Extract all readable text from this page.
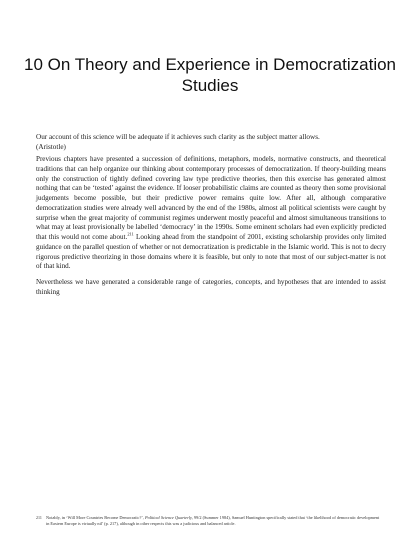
10 On Theory and Experience in Democratization Studies
Our account of this science will be adequate if it achieves such clarity as the subject matter allows.
(Aristotle)

Previous chapters have presented a succession of definitions, metaphors, models, normative constructs, and theoretical traditions that can help organize our thinking about contemporary processes of democratization. If theory-building means only the construction of tightly defined covering law type predictive theories, then this exercise has generated almost nothing that can be ‘tested’ against the evidence. If looser probabilistic claims are counted as theory then some provisional judgements become possible, but their predictive power remains quite low. After all, although comparative democratization studies were already well advanced by the end of the 1980s, almost all political scientists were caught by surprise when the great majority of communist regimes underwent mostly peaceful and almost simultaneous transitions to what may at least provisionally be labelled ‘democracy’ in the 1990s. Some eminent scholars had even explicitly predicted that this would not come about.$^{211}$ Looking ahead from the standpoint of 2001, existing scholarship provides only limited guidance on the parallel question of whether or not democratization is predictable in the Islamic world. This is not to decry rigorous predictive theorizing in those domains where it is feasible, but only to note that most of our subject-matter is not of that kind.

Nevertheless we have generated a considerable range of categories, concepts, and hypotheses that are intended to assist thinking

211 Notably, in ‘Will More Countries Become Democratic?’, Political Science Quarterly, 99/2 (Summer 1984), Samuel Huntington specifically stated that ‘the likelihood of democratic development in Eastern Europe is virtually nil’ (p. 217), although in other respects this was a judicious and balanced article.
